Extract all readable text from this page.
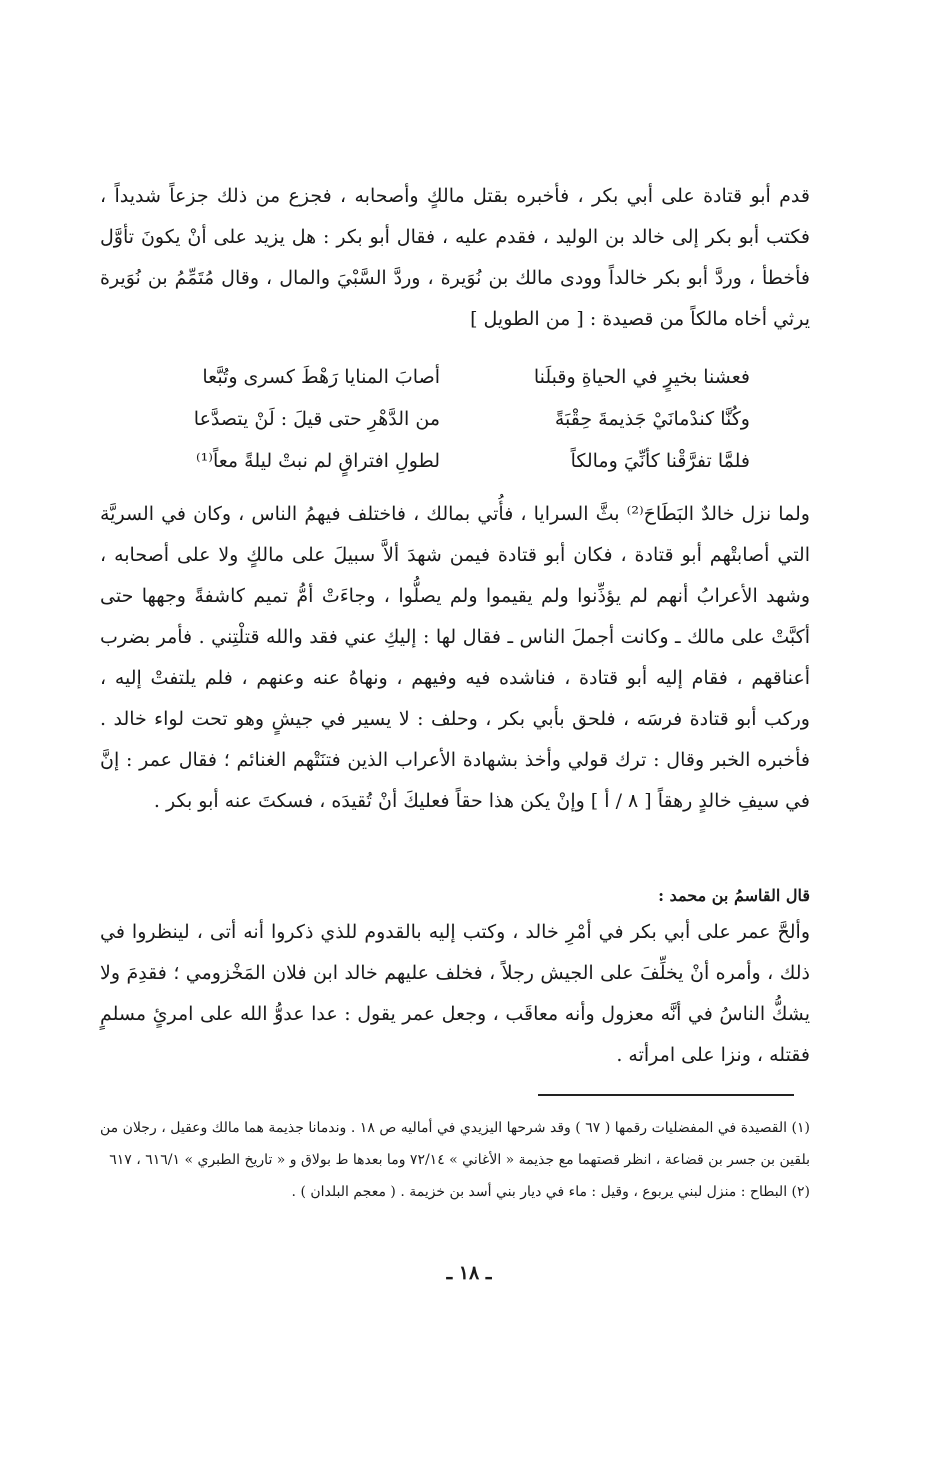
قدم أبو قتادة على أبي بكر ، فأخبره بقتل مالكٍ وأصحابه ، فجزع من ذلك جزعاً شديداً ، فكتب أبو بكر إلى خالد بن الوليد ، فقدم عليه ، فقال أبو بكر : هل يزيد على أنْ يكونَ تأوَّل فأخطأ ، وردَّ أبو بكر خالداً وودى مالك بن نُوَيرة ، وردَّ السَّبْيَ والمال ، وقال مُتَمِّمُ بن نُوَيرة يرثي أخاه مالكاً من قصيدة : [ من الطويل ]

فعشنا بخيرٍ في الحياةِ وقبلَنا
أصابَ المنايا رَهْطَ كسرى وتُبَّعا
وكُنَّا كندْمانَيْ جَذيمةَ حِقْبَةً
من الدَّهْرِ حتى قيلَ : لَنْ يتصدَّعا
فلمَّا تفرَّقْنا كأنِّيَ ومالكاً
لطولِ افتراقٍ لم نبتْ ليلةً معاً⁽¹⁾

ولما نزل خالدٌ البَطَاحَ⁽²⁾ بثَّ السرايا ، فأُتي بمالك ، فاختلف فيهمُ الناس ، وكان في السريَّة التي أصابتْهم أبو قتادة ، فكان أبو قتادة فيمن شهدَ ألاَّ سبيلَ على مالكٍ ولا على أصحابه ، وشهد الأعرابُ أنهم لم يؤذِّنوا ولم يقيموا ولم يصلُّوا ، وجاءَتْ أمُّ تميم كاشفةً وجهها حتى أكبَّتْ على مالك ـ وكانت أجملَ الناس ـ فقال لها : إليكِ عني فقد والله قتلْتِني . فأمر بضرب أعناقهم ، فقام إليه أبو قتادة ، فناشده فيه وفيهم ، ونهاهُ عنه وعنهم ، فلم يلتفتْ إليه ، وركب أبو قتادة فرسَه ، فلحق بأبي بكر ، وحلف : لا يسير في جيشٍ وهو تحت لواء خالد . فأخبره الخبر وقال : ترك قولي وأخذ بشهادة الأعراب الذين فتنَتْهم الغنائم ؛ فقال عمر : إنَّ في سيفِ خالدٍ رهقاً [ ٨ / أ ] وإنْ يكن هذا حقاً فعليكَ أنْ تُقيدَه ، فسكتَ عنه أبو بكر .

قال القاسمُ بن محمد :

وألحَّ عمر على أبي بكر في أمْرِ خالد ، وكتب إليه بالقدوم للذي ذكروا أنه أتى ، لينظروا في ذلك ، وأمره أنْ يخلِّفَ على الجيش رجلاً ، فخلف عليهم خالد ابن فلان المَخْزومي ؛ فقدِمَ ولا يشكُّ الناسُ في أنَّه معزول وأنه معاقَب ، وجعل عمر يقول : عدا عدوُّ الله على امرئٍ مسلمٍ فقتله ، ونزا على امرأته .

(١) القصيدة في المفضليات رقمها ( ٦٧ ) وقد شرحها اليزيدي في أماليه ص ١٨ . وندمانا جذيمة هما مالك وعقيل ، رجلان من بلقين بن جسر بن قضاعة ، انظر قصتهما مع جذيمة « الأغاني » ٧٢/١٤ وما بعدها ط بولاق و « تاريخ الطبري » ٦١٦/١ ، ٦١٧

(٢) البطاح : منزل لبني يربوع ، وقيل : ماء في ديار بني أسد بن خزيمة . ( معجم البلدان ) .

ـ ١٨ ـ
